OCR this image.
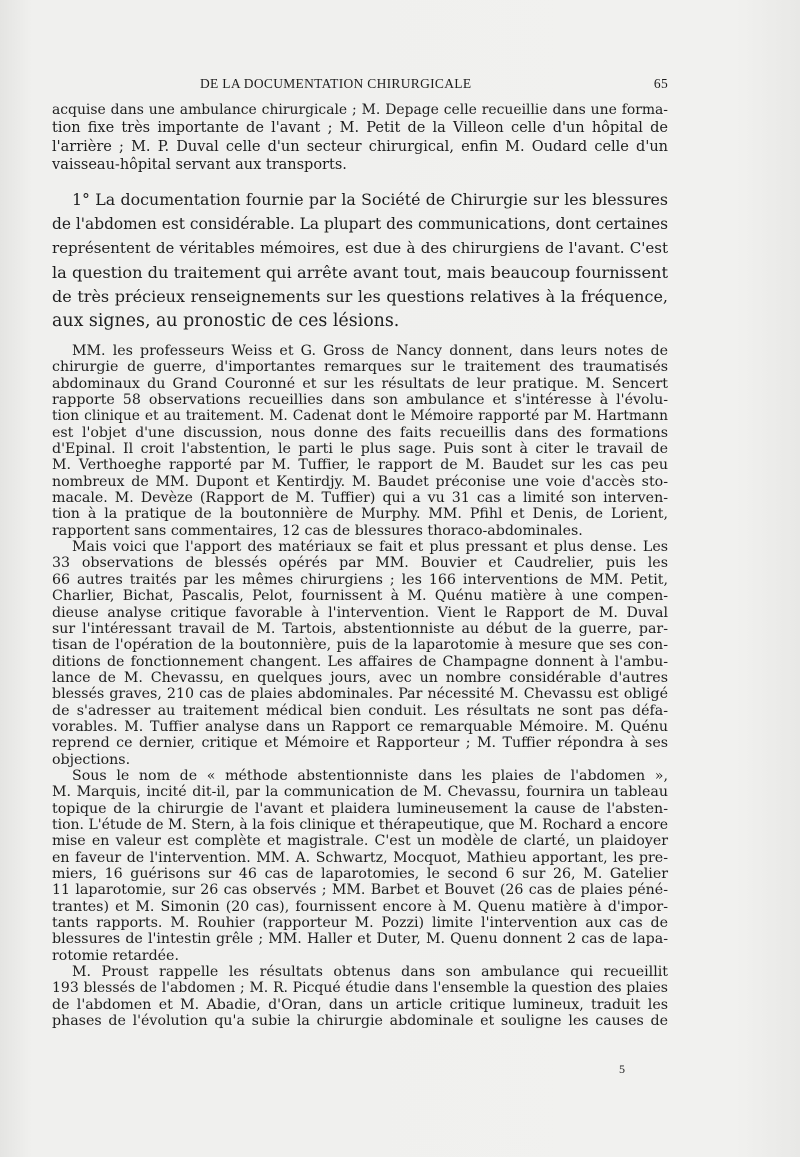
DE LA DOCUMENTATION CHIRURGICALE	65
acquise dans une ambulance chirurgicale ; M. Depage celle recueillie dans une forma-
tion fixe très importante de l'avant ; M. Petit de la Villeon celle d'un hôpital de
l'arrière ; M. P. Duval celle d'un secteur chirurgical, enfin M. Oudard celle d'un
vaisseau-hôpital servant aux transports.
1° La documentation fournie par la Société de Chirurgie sur les blessures
de l'abdomen est considérable. La plupart des communications, dont certaines
représentent de véritables mémoires, est due à des chirurgiens de l'avant. C'est
la question du traitement qui arrête avant tout, mais beaucoup fournissent
de très précieux renseignements sur les questions relatives à la fréquence,
aux signes, au pronostic de ces lésions.
MM. les professeurs Weiss et G. Gross de Nancy donnent, dans leurs notes de
chirurgie de guerre, d'importantes remarques sur le traitement des traumatisés
abdominaux du Grand Couronné et sur les résultats de leur pratique. M. Sencert
rapporte 58 observations recueillies dans son ambulance et s'intéresse à l'évolu-
tion clinique et au traitement. M. Cadenat dont le Mémoire rapporté par M. Hartmann
est l'objet d'une discussion, nous donne des faits recueillis dans des formations
d'Epinal. Il croit l'abstention, le parti le plus sage. Puis sont à citer le travail de
M. Verthoeghe rapporté par M. Tuffier, le rapport de M. Baudet sur les cas peu
nombreux de MM. Dupont et Kentirdjy. M. Baudet préconise une voie d'accès sto-
macale. M. Devèze (Rapport de M. Tuffier) qui a vu 31 cas a limité son interven-
tion à la pratique de la boutonnière de Murphy. MM. Pfihl et Denis, de Lorient,
rapportent sans commentaires, 12 cas de blessures thoraco-abdominales.
Mais voici que l'apport des matériaux se fait et plus pressant et plus dense. Les
33 observations de blessés opérés par MM. Bouvier et Caudrelier, puis les
66 autres traités par les mêmes chirurgiens ; les 166 interventions de MM. Petit,
Charlier, Bichat, Pascalis, Pelot, fournissent à M. Quénu matière à une compen-
dieuse analyse critique favorable à l'intervention. Vient le Rapport de M. Duval
sur l'intéressant travail de M. Tartois, abstentionniste au début de la guerre, par-
tisan de l'opération de la boutonnière, puis de la laparotomie à mesure que ses con-
ditions de fonctionnement changent. Les affaires de Champagne donnent à l'ambu-
lance de M. Chevassu, en quelques jours, avec un nombre considérable d'autres
blessés graves, 210 cas de plaies abdominales. Par nécessité M. Chevassu est obligé
de s'adresser au traitement médical bien conduit. Les résultats ne sont pas défa-
vorables. M. Tuffier analyse dans un Rapport ce remarquable Mémoire. M. Quénu
reprend ce dernier, critique et Mémoire et Rapporteur ; M. Tuffier répondra à ses
objections.
Sous le nom de « méthode abstentionniste dans les plaies de l'abdomen »,
M. Marquis, incité dit-il, par la communication de M. Chevassu, fournira un tableau
topique de la chirurgie de l'avant et plaidera lumineusement la cause de l'absten-
tion. L'étude de M. Stern, à la fois clinique et thérapeutique, que M. Rochard a encore
mise en valeur est complète et magistrale. C'est un modèle de clarté, un plaidoyer
en faveur de l'intervention. MM. A. Schwartz, Mocquot, Mathieu apportant, les pre-
miers, 16 guérisons sur 46 cas de laparotomies, le second 6 sur 26, M. Gatelier
11 laparotomie, sur 26 cas observés ; MM. Barbet et Bouvet (26 cas de plaies péné-
trantes) et M. Simonin (20 cas), fournissent encore à M. Quenu matière à d'impor-
tants rapports. M. Rouhier (rapporteur M. Pozzi) limite l'intervention aux cas de
blessures de l'intestin grêle ; MM. Haller et Duter, M. Quenu donnent 2 cas de lapa-
rotomie retardée.
M. Proust rappelle les résultats obtenus dans son ambulance qui recueillit
193 blessés de l'abdomen ; M. R. Picqué étudie dans l'ensemble la question des plaies
de l'abdomen et M. Abadie, d'Oran, dans un article critique lumineux, traduit les
phases de l'évolution qu'a subie la chirurgie abdominale et souligne les causes de
5
